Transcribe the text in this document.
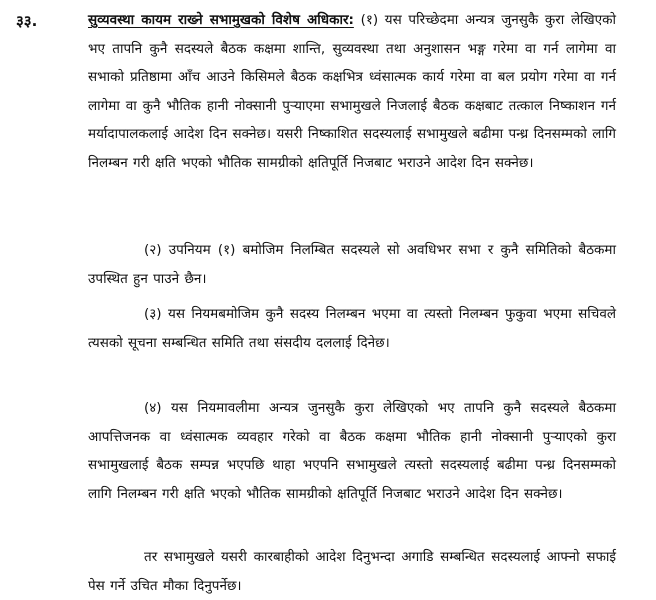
३३.	सुव्यवस्था कायम राख्ने सभामुखको विशेष अधिकार: (१) यस परिच्छेदमा अन्यत्र जुनसुकै कुरा लेखिएको भए तापनि कुनै सदस्यले बैठक कक्षमा शान्ति, सुव्यवस्था तथा अनुशासन भङ्ग गरेमा वा गर्न लागेमा वा सभाको प्रतिष्ठामा आँच आउने किसिमले बैठक कक्षभित्र ध्वंसात्मक कार्य गरेमा वा बल प्रयोग गरेमा वा गर्न लागेमा वा कुनै भौतिक हानी नोक्सानी पुऱ्याएमा सभामुखले निजलाई बैठक कक्षबाट तत्काल निष्काशन गर्न मर्यादापालकलाई आदेश दिन सक्नेछ। यसरी निष्काशित सदस्यलाई सभामुखले बढीमा पन्ध्र दिनसम्मको लागि निलम्बन गरी क्षति भएको भौतिक सामग्रीको क्षतिपूर्ति निजबाट भराउने आदेश दिन सक्नेछ।
(२) उपनियम (१) बमोजिम निलम्बित सदस्यले सो अवधिभर सभा र कुनै समितिको बैठकमा उपस्थित हुन पाउने छैन।
(३) यस नियमबमोजिम कुनै सदस्य निलम्बन भएमा वा त्यस्तो निलम्बन फुकुवा भएमा सचिवले त्यसको सूचना सम्बन्धित समिति तथा संसदीय दललाई दिनेछ।
(४) यस नियमावलीमा अन्यत्र जुनसुकै कुरा लेखिएको भए तापनि कुनै सदस्यले बैठकमा आपत्तिजनक वा ध्वंसात्मक व्यवहार गरेको वा बैठक कक्षमा भौतिक हानी नोक्सानी पुऱ्याएको कुरा सभामुखलाई बैठक सम्पन्न भएपछि थाहा भएपनि सभामुखले त्यस्तो सदस्यलाई बढीमा पन्ध्र दिनसम्मको लागि निलम्बन गरी क्षति भएको भौतिक सामग्रीको क्षतिपूर्ति निजबाट भराउने आदेश दिन सक्नेछ।
तर सभामुखले यसरी कारबाहीको आदेश दिनुभन्दा अगाडि सम्बन्धित सदस्यलाई आफ्नो सफाई पेस गर्ने उचित मौका दिनुपर्नेछ।
